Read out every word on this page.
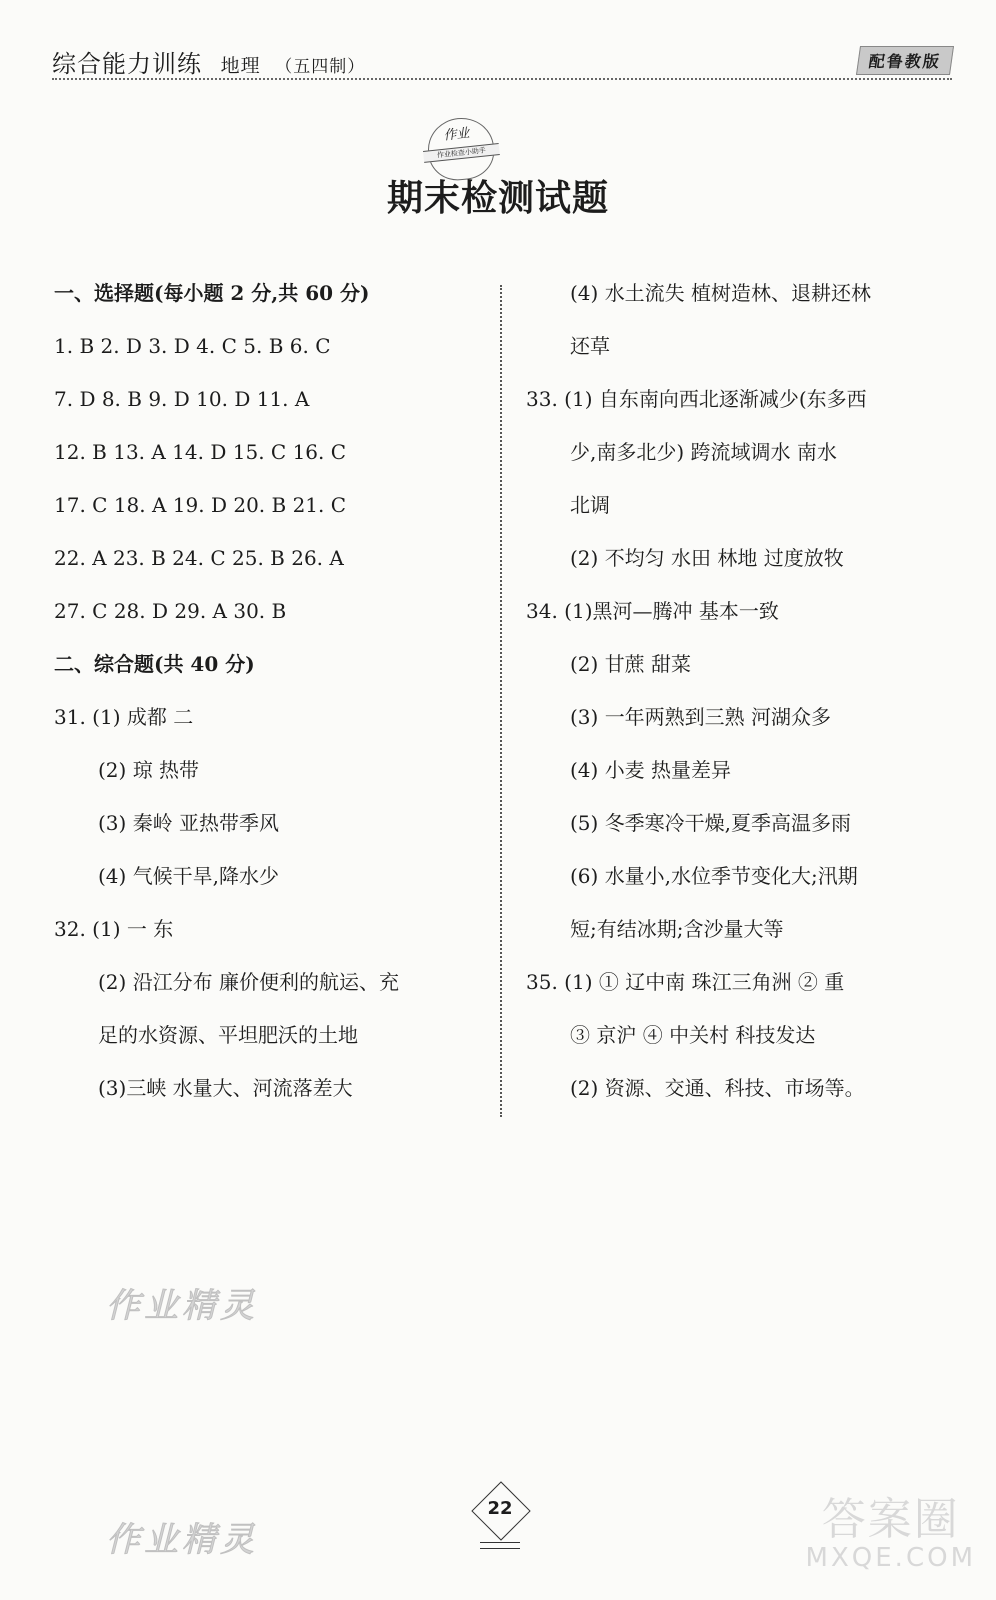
综合能力训练 地理 （五四制）	配鲁教版
作业
作业检查小助手
期末检测试题
一、选择题(每小题 2 分,共 60 分)
1. B 2. D 3. D 4. C 5. B 6. C
7. D 8. B 9. D 10. D 11. A
12. B 13. A 14. D 15. C 16. C
17. C 18. A 19. D 20. B 21. C
22. A 23. B 24. C 25. B 26. A
27. C 28. D 29. A 30. B
二、综合题(共 40 分)
31. (1) 成都 二
(2) 琼 热带
(3) 秦岭 亚热带季风
(4) 气候干旱,降水少
32. (1) 一 东
(2) 沿江分布 廉价便利的航运、充
足的水资源、平坦肥沃的土地
(3)三峡 水量大、河流落差大
(4) 水土流失 植树造林、退耕还林
还草
33. (1) 自东南向西北逐渐减少(东多西
少,南多北少) 跨流域调水 南水
北调
(2) 不均匀 水田 林地 过度放牧
34. (1)黑河—腾冲 基本一致
(2) 甘蔗 甜菜
(3) 一年两熟到三熟 河湖众多
(4) 小麦 热量差异
(5) 冬季寒冷干燥,夏季高温多雨
(6) 水量小,水位季节变化大;汛期
短;有结冰期;含沙量大等
35. (1) ① 辽中南 珠江三角洲 ② 重
③ 京沪 ④ 中关村 科技发达
(2) 资源、交通、科技、市场等。
作业精灵
作业精灵	答案圈
MXQE.COM
22
